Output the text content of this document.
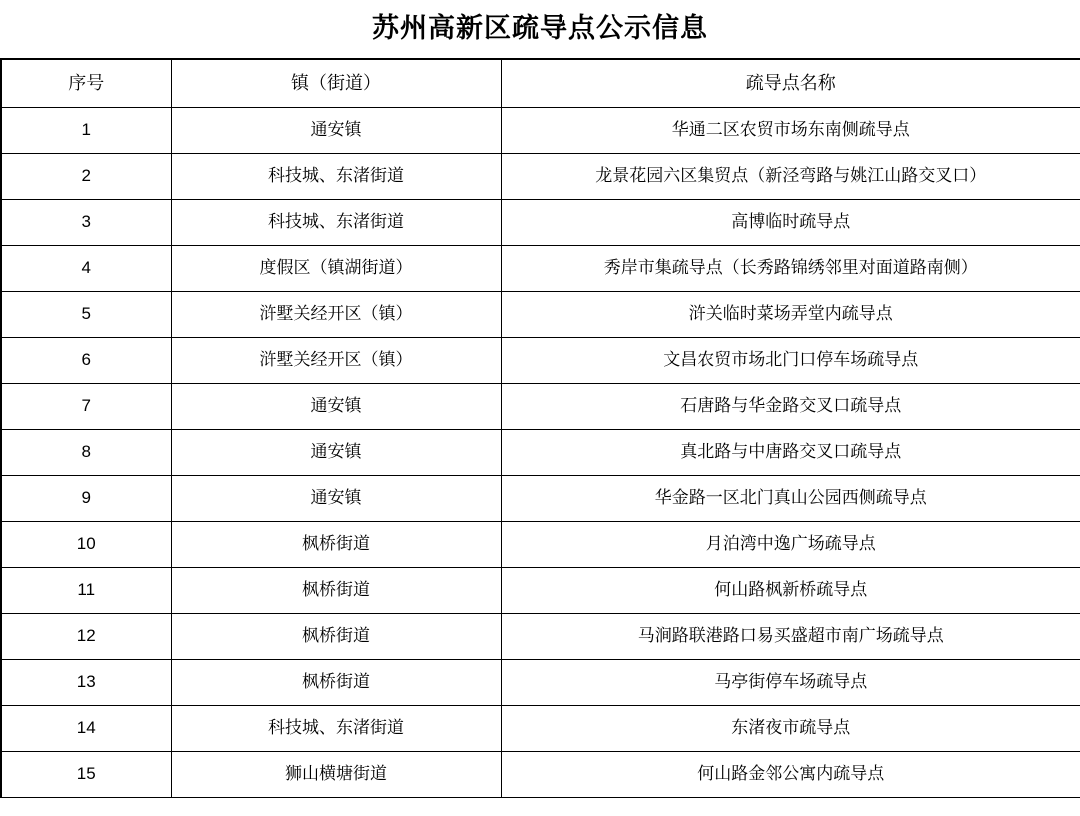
苏州高新区疏导点公示信息
序号	镇（街道）	疏导点名称
1	通安镇	华通二区农贸市场东南侧疏导点
2	科技城、东渚街道	龙景花园六区集贸点（新泾弯路与姚江山路交叉口）
3	科技城、东渚街道	高博临时疏导点
4	度假区（镇湖街道）	秀岸市集疏导点（长秀路锦绣邻里对面道路南侧）
5	浒墅关经开区（镇）	浒关临时菜场弄堂内疏导点
6	浒墅关经开区（镇）	文昌农贸市场北门口停车场疏导点
7	通安镇	石唐路与华金路交叉口疏导点
8	通安镇	真北路与中唐路交叉口疏导点
9	通安镇	华金路一区北门真山公园西侧疏导点
10	枫桥街道	月泊湾中逸广场疏导点
11	枫桥街道	何山路枫新桥疏导点
12	枫桥街道	马涧路联港路口易买盛超市南广场疏导点
13	枫桥街道	马亭街停车场疏导点
14	科技城、东渚街道	东渚夜市疏导点
15	狮山横塘街道	何山路金邻公寓内疏导点
